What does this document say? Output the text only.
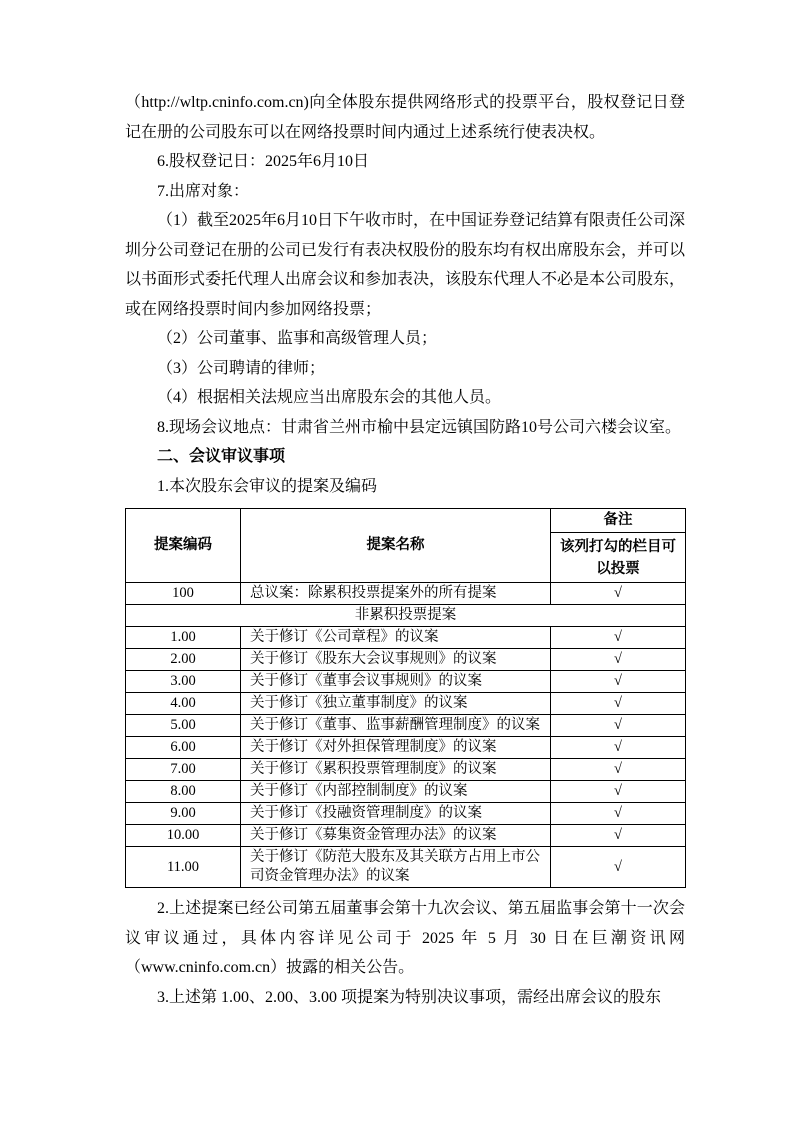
（http://wltp.cninfo.com.cn)向全体股东提供网络形式的投票平台，股权登记日登记在册的公司股东可以在网络投票时间内通过上述系统行使表决权。

6.股权登记日：2025年6月10日

7.出席对象：

（1）截至2025年6月10日下午收市时，在中国证券登记结算有限责任公司深圳分公司登记在册的公司已发行有表决权股份的股东均有权出席股东会，并可以以书面形式委托代理人出席会议和参加表决，该股东代理人不必是本公司股东，或在网络投票时间内参加网络投票；

（2）公司董事、监事和高级管理人员；

（3）公司聘请的律师；

（4）根据相关法规应当出席股东会的其他人员。

8.现场会议地点：甘肃省兰州市榆中县定远镇国防路10号公司六楼会议室。

二、会议审议事项

1.本次股东会审议的提案及编码

提案编码	提案名称	备注
		该列打勾的栏目可以投票
100	总议案：除累积投票提案外的所有提案	√
非累积投票提案		
1.00	关于修订《公司章程》的议案	√
2.00	关于修订《股东大会议事规则》的议案	√
3.00	关于修订《董事会议事规则》的议案	√
4.00	关于修订《独立董事制度》的议案	√
5.00	关于修订《董事、监事薪酬管理制度》的议案	√
6.00	关于修订《对外担保管理制度》的议案	√
7.00	关于修订《累积投票管理制度》的议案	√
8.00	关于修订《内部控制制度》的议案	√
9.00	关于修订《投融资管理制度》的议案	√
10.00	关于修订《募集资金管理办法》的议案	√
11.00	关于修订《防范大股东及其关联方占用上市公司资金管理办法》的议案	√

2.上述提案已经公司第五届董事会第十九次会议、第五届监事会第十一次会议审议通过，具体内容详见公司于 2025 年 5 月 30 日在巨潮资讯网（www.cninfo.com.cn）披露的相关公告。

3.上述第 1.00、2.00、3.00 项提案为特别决议事项，需经出席会议的股东
